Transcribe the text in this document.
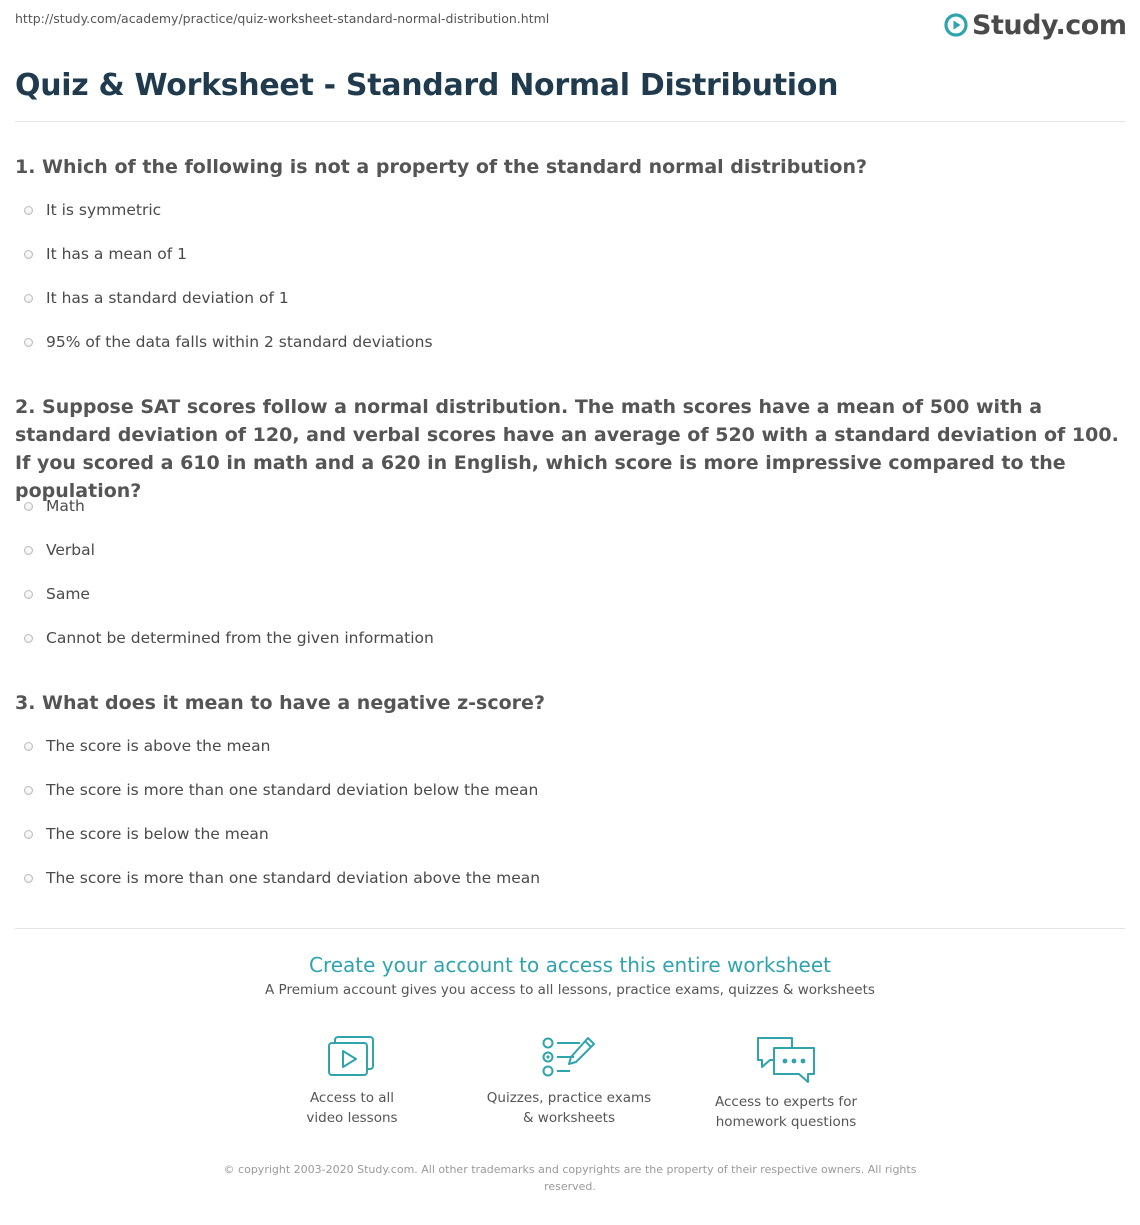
http://study.com/academy/practice/quiz-worksheet-standard-normal-distribution.html	Study.com
Quiz & Worksheet - Standard Normal Distribution

1. Which of the following is not a property of the standard normal distribution?

It is symmetric
It has a mean of 1
It has a standard deviation of 1
95% of the data falls within 2 standard deviations

2. Suppose SAT scores follow a normal distribution. The math scores have a mean of 500 with a standard deviation of 120, and verbal scores have an average of 520 with a standard deviation of 100. If you scored a 610 in math and a 620 in English, which score is more impressive compared to the population?

Math
Verbal
Same
Cannot be determined from the given information

3. What does it mean to have a negative z-score?

The score is above the mean
The score is more than one standard deviation below the mean
The score is below the mean
The score is more than one standard deviation above the mean
Create your account to access this entire worksheet
A Premium account gives you access to all lessons, practice exams, quizzes & worksheets
Access to all
video lessons
Quizzes, practice exams
& worksheets
Access to experts for
homework questions
© copyright 2003-2020 Study.com. All other trademarks and copyrights are the property of their respective owners. All rights
reserved.
